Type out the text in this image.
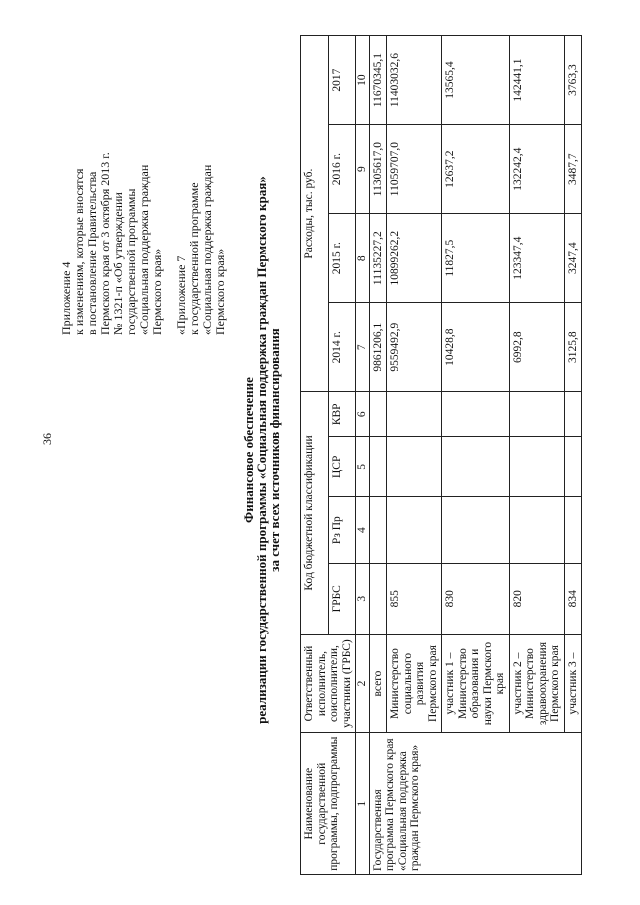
36

Приложение 4 к изменениям, которые вносятся в постановление Правительства Пермского края от 3 октября 2013 г. № 1321-п «Об утверждении государственной программы «Социальная поддержка граждан Пермского края» «Приложение 7 к государственной программе «Социальная поддержка граждан Пермского края»

Финансовое обеспечение
реализации государственной программы «Социальная поддержка граждан Пермского края»
за счет всех источников финансирования
Наименование государственной программы, подпрограммы	Ответственный исполнитель, соисполнители, участники (ГРБС)	Код бюджетной классификации				Расходы, тыс. руб.			
		ГРБС	Рз Пр	ЦСР	КВР	2014 г.	2015 г.	2016 г.	2017
1	2	3	4	5	6	7	8	9	10
Государственная программа Пермского края «Социальная поддержка граждан Пермского края»	всего					9861206,1	11135227,2	11305617,0	11670345,1
	Министерство социального развития Пермского края	855				9559492,9	10899262,2	11059707,0	11403032,6
	участник 1 – Министерство образования и науки Пермского края	830				10428,8	11827,5	12637,2	13565,4
	участник 2 – Министерство здравоохранения Пермского края	820				6992,8	123347,4	132242,4	142441,1
	участник 3 –	834				3125,8	3247,4	3487,7	3763,3
